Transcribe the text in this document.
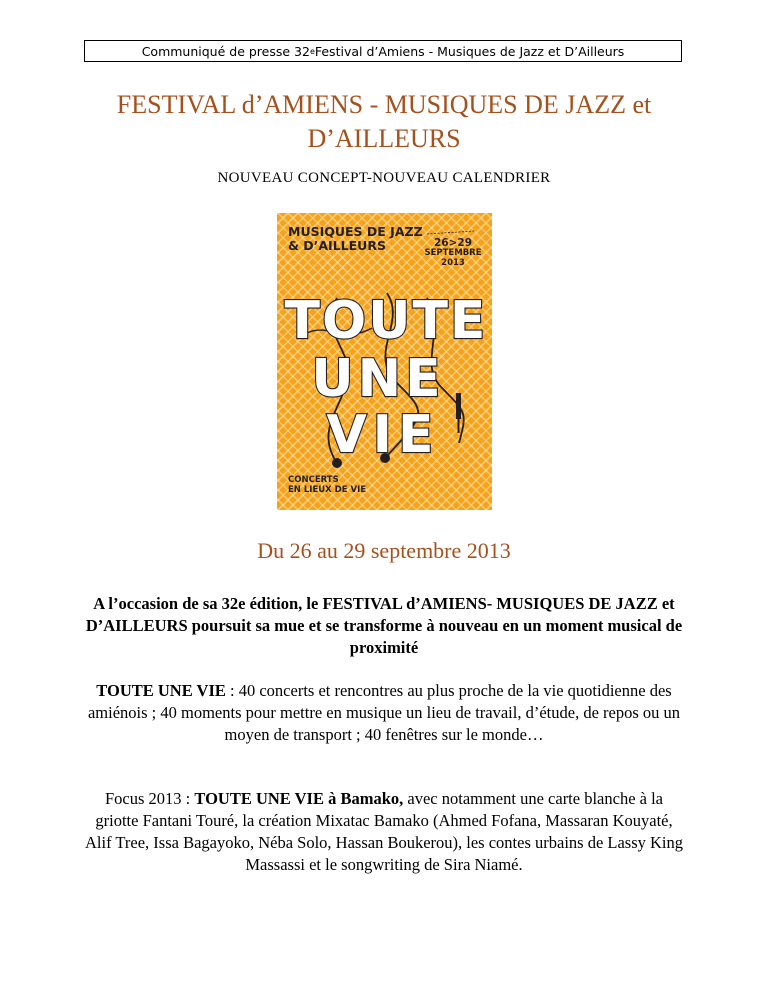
Communiqué de presse 32 e Festival d’Amiens - Musiques de Jazz et D’Ailleurs
FESTIVAL d’AMIENS - MUSIQUES DE JAZZ et
D’AILLEURS
NOUVEAU CONCEPT-NOUVEAU CALENDRIER
TOUTE
UNE
VIE
MUSIQUES DE JAZZ
& D’AILLEURS	26>29
SEPTEMBRE
2013
CONCERTS
EN LIEUX DE VIE
Du 26 au 29 septembre 2013

A l’occasion de sa 32e édition, le FESTIVAL d’AMIENS- MUSIQUES DE JAZZ et D’AILLEURS poursuit sa mue et se transforme à nouveau en un moment musical de proximité

TOUTE UNE VIE : 40 concerts et rencontres au plus proche de la vie quotidienne des amiénois ; 40 moments pour mettre en musique un lieu de travail, d’étude, de repos ou un moyen de transport ; 40 fenêtres sur le monde…

Focus 2013 : TOUTE UNE VIE à Bamako, avec notamment une carte blanche à la griotte Fantani Touré, la création Mixatac Bamako (Ahmed Fofana, Massaran Kouyaté, Alif Tree, Issa Bagayoko, Néba Solo, Hassan Boukerou), les contes urbains de Lassy King Massassi et le songwriting de Sira Niamé.
